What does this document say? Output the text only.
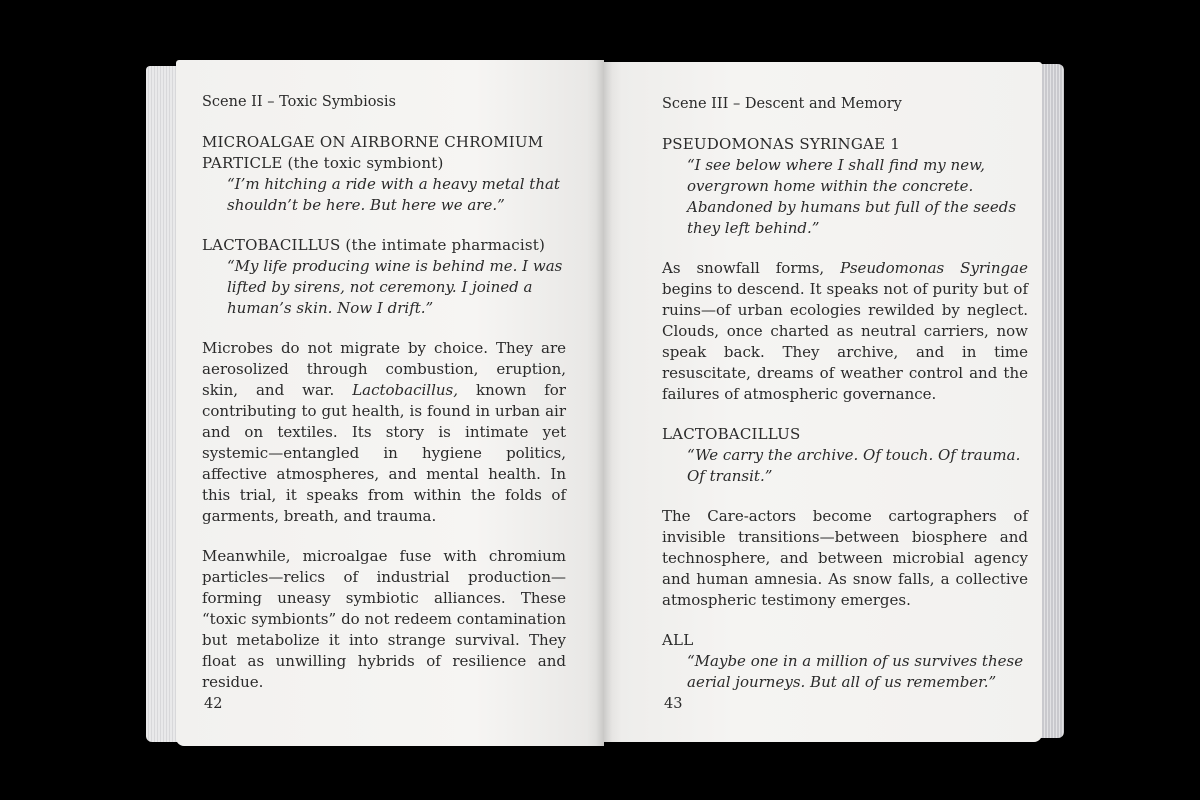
Scene II – Toxic Symbiosis
MICROALGAE ON AIRBORNE CHROMIUM PARTICLE (the toxic symbiont)
“I’m hitching a ride with a heavy metal that shouldn’t be here. But here we are.”
LACTOBACILLUS (the intimate pharmacist)
“My life producing wine is behind me. I was lifted by sirens, not ceremony. I joined a human’s skin. Now I drift.”
Microbes do not migrate by choice. They are aerosolized through combustion, eruption, skin, and war. Lactobacillus, known for contributing to gut health, is found in urban air and on textiles. Its story is intimate yet systemic—entangled in hygiene politics, affective atmospheres, and mental health. In this trial, it speaks from within the folds of garments, breath, and trauma.
Meanwhile, microalgae fuse with chromium particles—relics of industrial production—forming uneasy symbiotic alliances. These “toxic symbionts” do not redeem contamination but metabolize it into strange survival. They float as unwilling hybrids of resilience and residue.
42
Scene III – Descent and Memory
PSEUDOMONAS SYRINGAE 1
“I see below where I shall find my new, overgrown home within the concrete. Abandoned by humans but full of the seeds they left behind.”
As snowfall forms, Pseudomonas Syringae begins to descend. It speaks not of purity but of ruins—of urban ecologies rewilded by neglect. Clouds, once charted as neutral carriers, now speak back. They archive, and in time resuscitate, dreams of weather control and the failures of atmospheric governance.
LACTOBACILLUS
“We carry the archive. Of touch. Of trauma. Of transit.”
The Care-actors become cartographers of invisible transitions—between biosphere and technosphere, and between microbial agency and human amnesia. As snow falls, a collective atmospheric testimony emerges.
ALL
“Maybe one in a million of us survives these aerial journeys. But all of us remember.”
43
